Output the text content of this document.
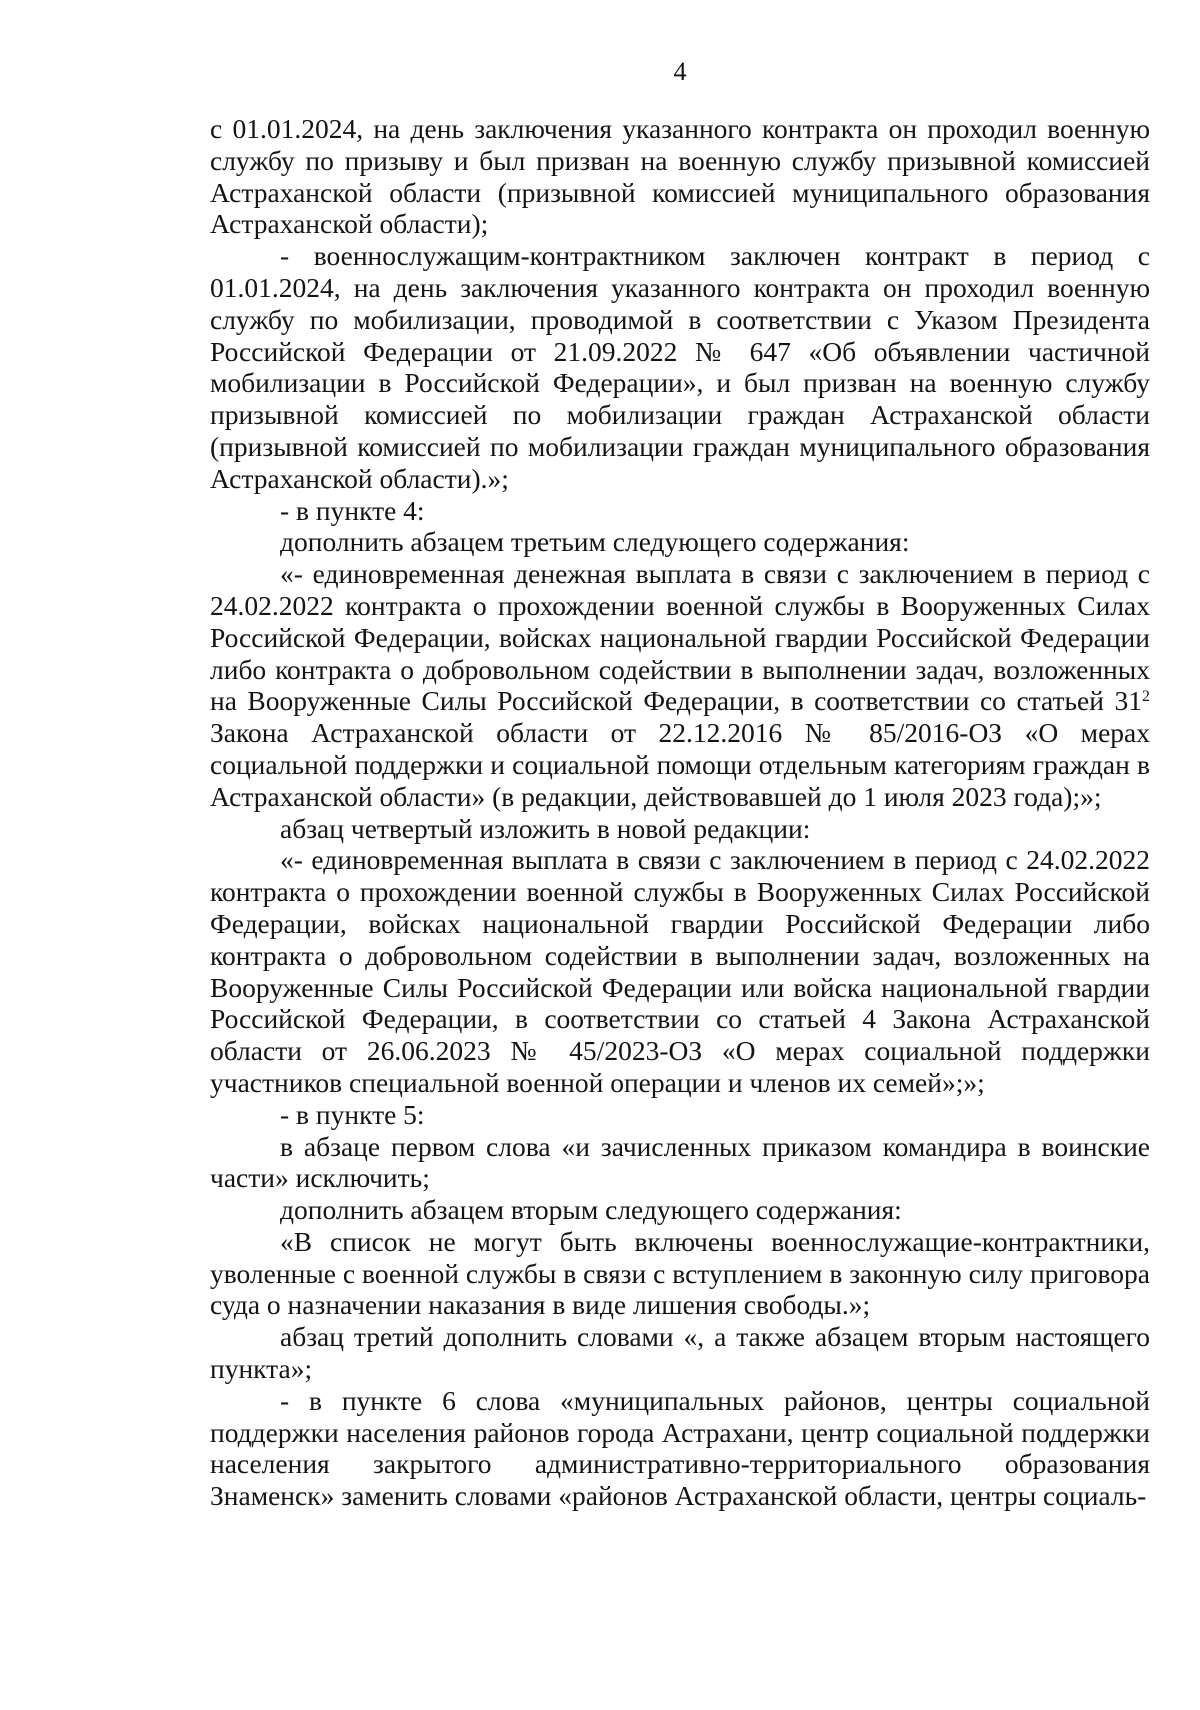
4

с 01.01.2024, на день заключения указанного контракта он проходил военную службу по призыву и был призван на военную службу призывной комиссией Астраханской области (призывной комиссией муниципального образования Астраханской области);

- военнослужащим-контрактником заключен контракт в период с 01.01.2024, на день заключения указанного контракта он проходил военную службу по мобилизации, проводимой в соответствии с Указом Президента Российской Федерации от 21.09.2022 № 647 «Об объявлении частичной мобилизации в Российской Федерации», и был призван на военную службу призывной комиссией по мобилизации граждан Астраханской области (призывной комиссией по мобилизации граждан муниципального образования Астраханской области).»;

- в пункте 4:

дополнить абзацем третьим следующего содержания:

«- единовременная денежная выплата в связи с заключением в период с 24.02.2022 контракта о прохождении военной службы в Вооруженных Силах Российской Федерации, войсках национальной гвардии Российской Федерации либо контракта о добровольном содействии в выполнении задач, возложенных на Вооруженные Силы Российской Федерации, в соответствии со статьей $31^2$ Закона Астраханской области от 22.12.2016 № 85/2016-ОЗ «О мерах социальной поддержки и социальной помощи отдельным категориям граждан в Астраханской области» (в редакции, действовавшей до 1 июля 2023 года);»;

абзац четвертый изложить в новой редакции:

«- единовременная выплата в связи с заключением в период с 24.02.2022 контракта о прохождении военной службы в Вооруженных Силах Российской Федерации, войсках национальной гвардии Российской Федерации либо контракта о добровольном содействии в выполнении задач, возложенных на Вооруженные Силы Российской Федерации или войска национальной гвардии Российской Федерации, в соответствии со статьей 4 Закона Астраханской области от 26.06.2023 № 45/2023-ОЗ «О мерах социальной поддержки участников специальной военной операции и членов их семей»;»;

- в пункте 5:

в абзаце первом слова «и зачисленных приказом командира в воинские части» исключить;

дополнить абзацем вторым следующего содержания:

«В список не могут быть включены военнослужащие-контрактники, уволенные с военной службы в связи с вступлением в законную силу приговора суда о назначении наказания в виде лишения свободы.»;

абзац третий дополнить словами «, а также абзацем вторым настоящего пункта»;

- в пункте 6 слова «муниципальных районов, центры социальной поддержки населения районов города Астрахани, центр социальной поддержки населения закрытого административно-территориального образования Знаменск» заменить словами «районов Астраханской области, центры социаль-
